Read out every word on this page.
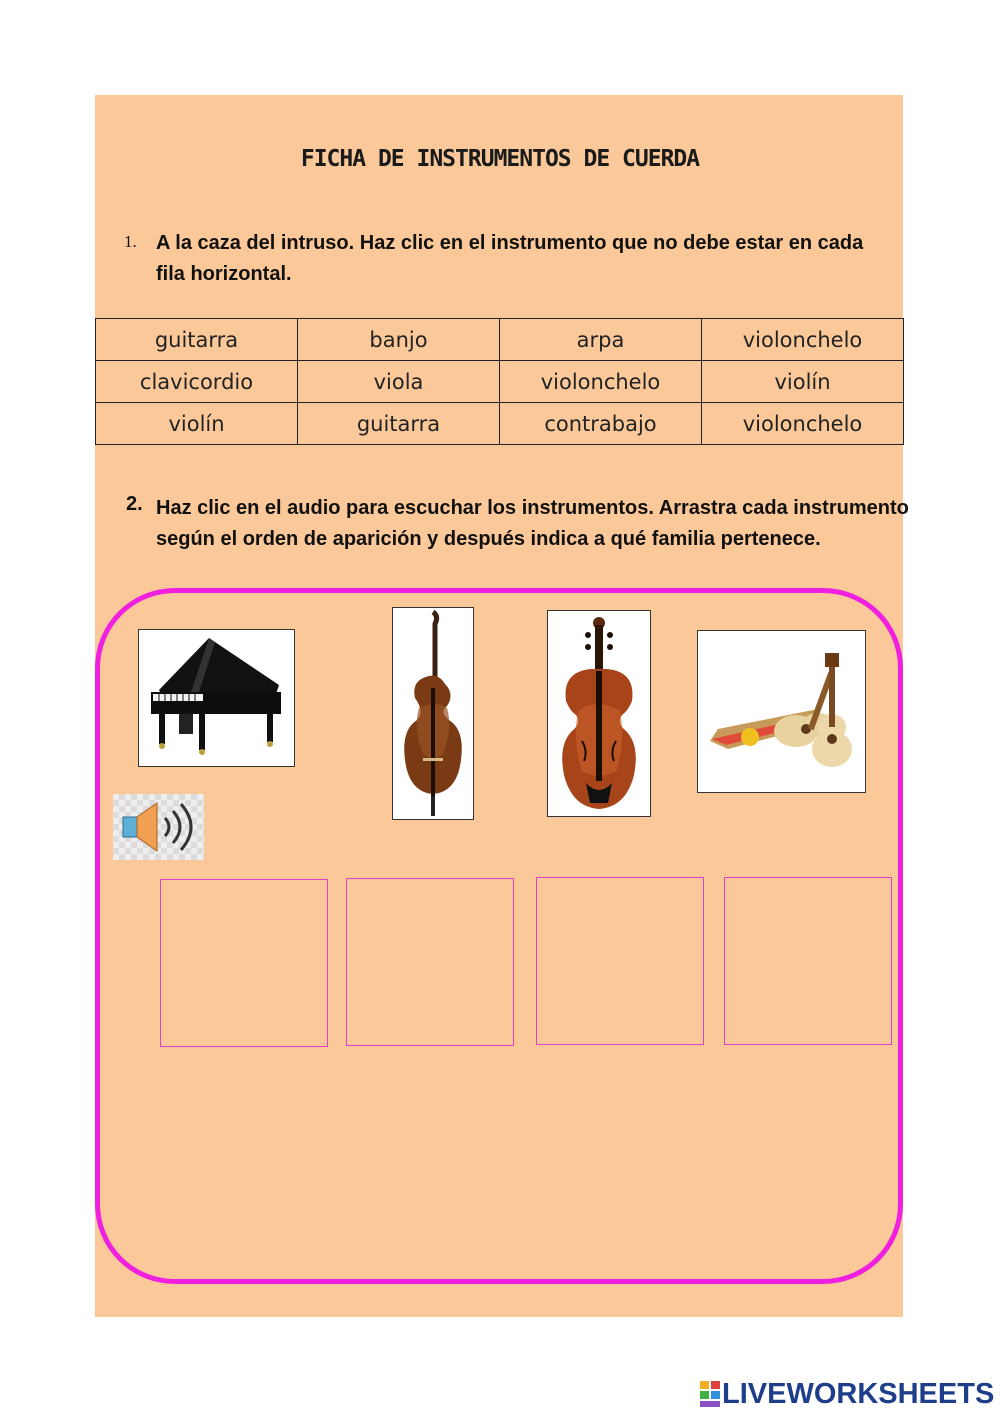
FICHA DE INSTRUMENTOS DE CUERDA
1. A la caza del intruso. Haz clic en el instrumento que no debe estar en cada fila horizontal.
guitarra	banjo	arpa	violonchelo
clavicordio	viola	violonchelo	violín
violín	guitarra	contrabajo	violonchelo
2. Haz clic en el audio para escuchar los instrumentos. Arrastra cada instrumento según el orden de aparición y después indica a qué familia pertenece.
LIVEWORKSHEETS
